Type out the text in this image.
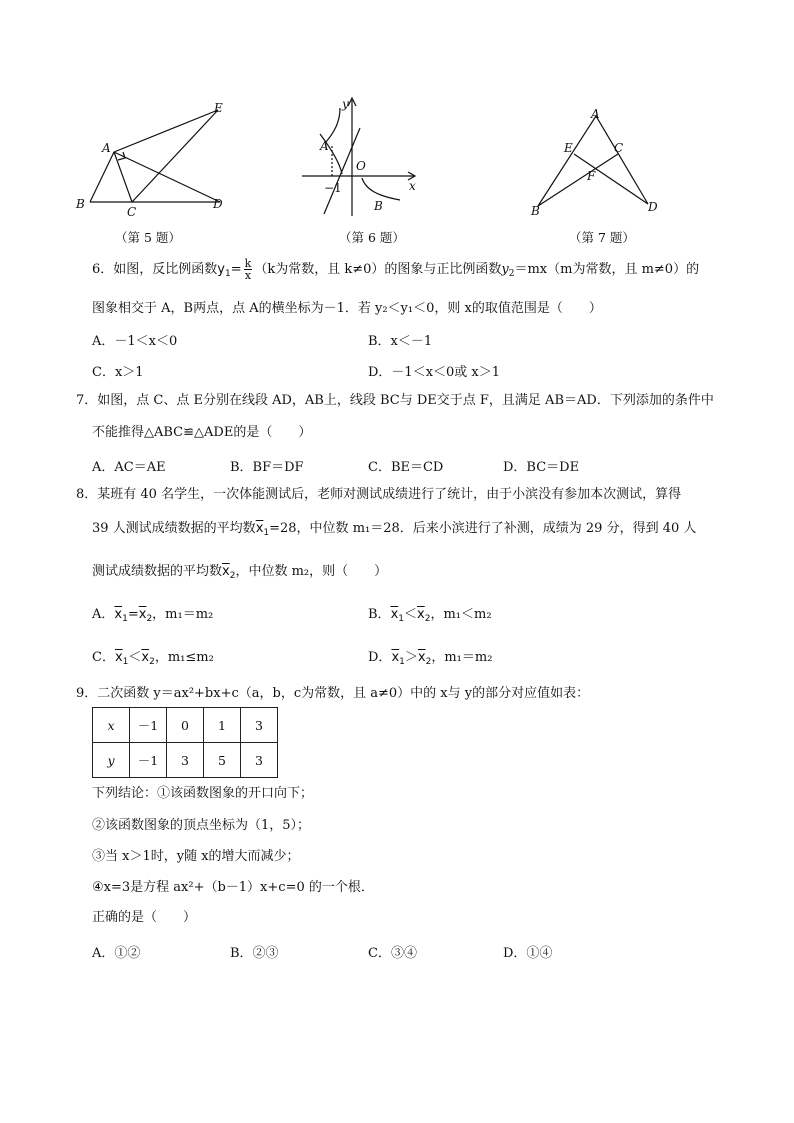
A
B
C
D
E
（第 5 题）
y
x
A
B
O
−1
（第 6 题）
A
B
C
D
E
F
（第 7 题）
6．如图，反比例函数$y_1= \frac{k}{x} (k$为常数，且 k≠0）的图象与正比例函数$y_2=mx(m$为常数，且 m≠0）的
图象相交于 A，B两点，点 A的横坐标为－1．若 y₂＜y₁＜0，则 x的取值范围是（　　）
A．－1＜x＜0	B．x＜－1
C．x＞1	D．－1＜x＜0或 x＞1
7．如图，点 C、点 E分别在线段 AD，AB上，线段 BC与 DE交于点 F，且满足 AB＝AD．下列添加的条件中
不能推得△ABC≌△ADE的是（　　）
A．AC＝AE	B．BF＝DF	C．BE＝CD	D．BC＝DE
8．某班有 40 名学生，一次体能测试后，老师对测试成绩进行了统计，由于小滨没有参加本次测试，算得
39 人测试成绩数据的平均数$\overline{x}_1=28$，中位数 m₁＝28．后来小滨进行了补测，成绩为 29 分，得到 40 人
测试成绩数据的平均数$\overline{x}_2$，中位数 m₂，则（　　）
A．$\overline{x}_1=\overline{x}_2$，m₁＝m₂	B．$\overline{x}_1<\overline{x}_2$，m₁＜m₂
C．$\overline{x}_1<\overline{x}_2$，m₁≤m₂	D．$\overline{x}_1>\overline{x}_2$，m₁＝m₂
9．二次函数 y＝ax²+bx+c（a，b，c为常数，且 a≠0）中的 x与 y的部分对应值如表：
x	－1	0	1	3
y	－1	3	5	3
下列结论：①该函数图象的开口向下；
②该函数图象的顶点坐标为（1，5）；
③当 x＞1时，y随 x的增大而减少；
④x=3是方程 ax²+（b－1）x+c=0 的一个根．
正确的是（　　）
A．①②	B．②③	C．③④	D．①④
